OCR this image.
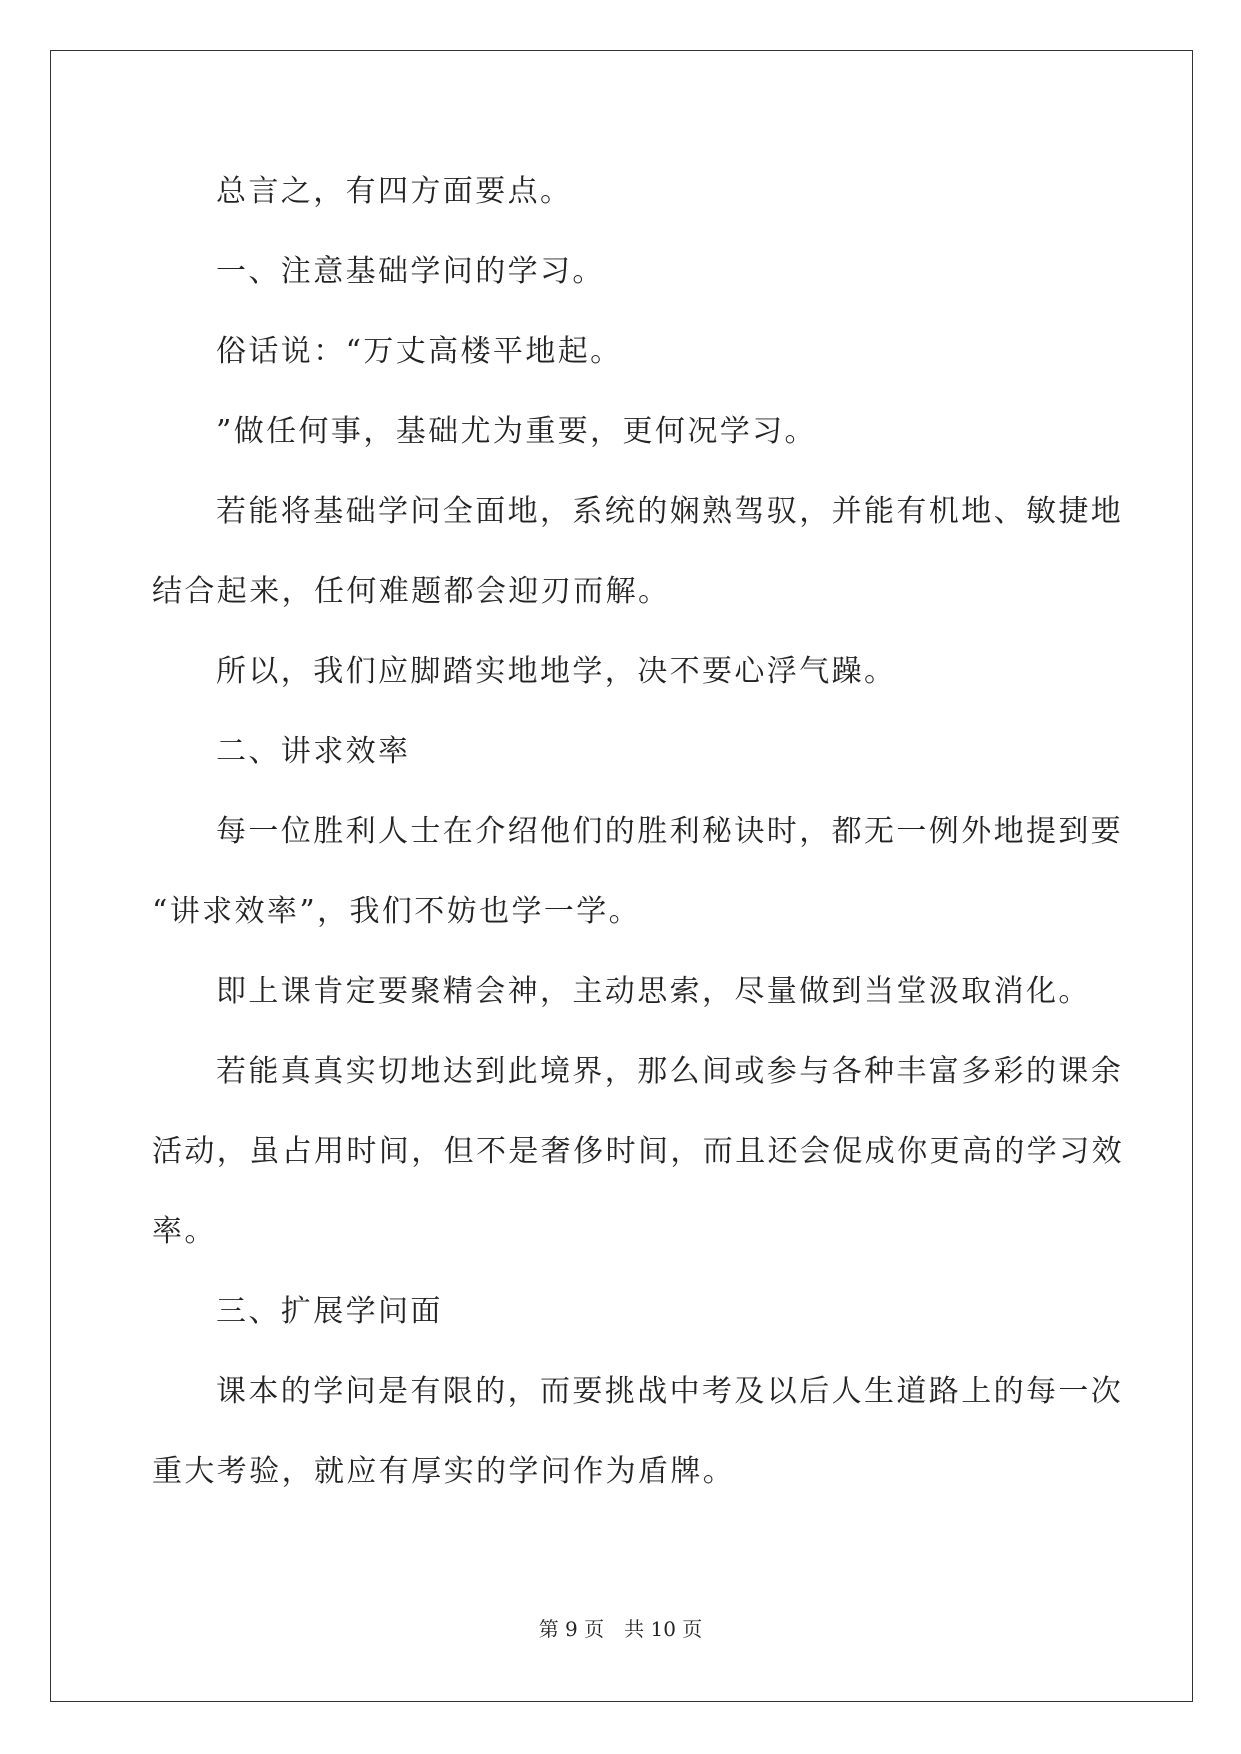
总言之，有四方面要点。
一、注意基础学问的学习。
俗话说：“万丈高楼平地起。
”做任何事，基础尤为重要，更何况学习。
若能将基础学问全面地，系统的娴熟驾驭，并能有机地、敏捷地
结合起来，任何难题都会迎刃而解。
所以，我们应脚踏实地地学，决不要心浮气躁。
二、讲求效率
每一位胜利人士在介绍他们的胜利秘诀时，都无一例外地提到要
“讲求效率”，我们不妨也学一学。
即上课肯定要聚精会神，主动思索，尽量做到当堂汲取消化。
若能真真实切地达到此境界，那么间或参与各种丰富多彩的课余
活动，虽占用时间，但不是奢侈时间，而且还会促成你更高的学习效
率。
三、扩展学问面
课本的学问是有限的，而要挑战中考及以后人生道路上的每一次
重大考验，就应有厚实的学问作为盾牌。
第 9 页　共 10 页
